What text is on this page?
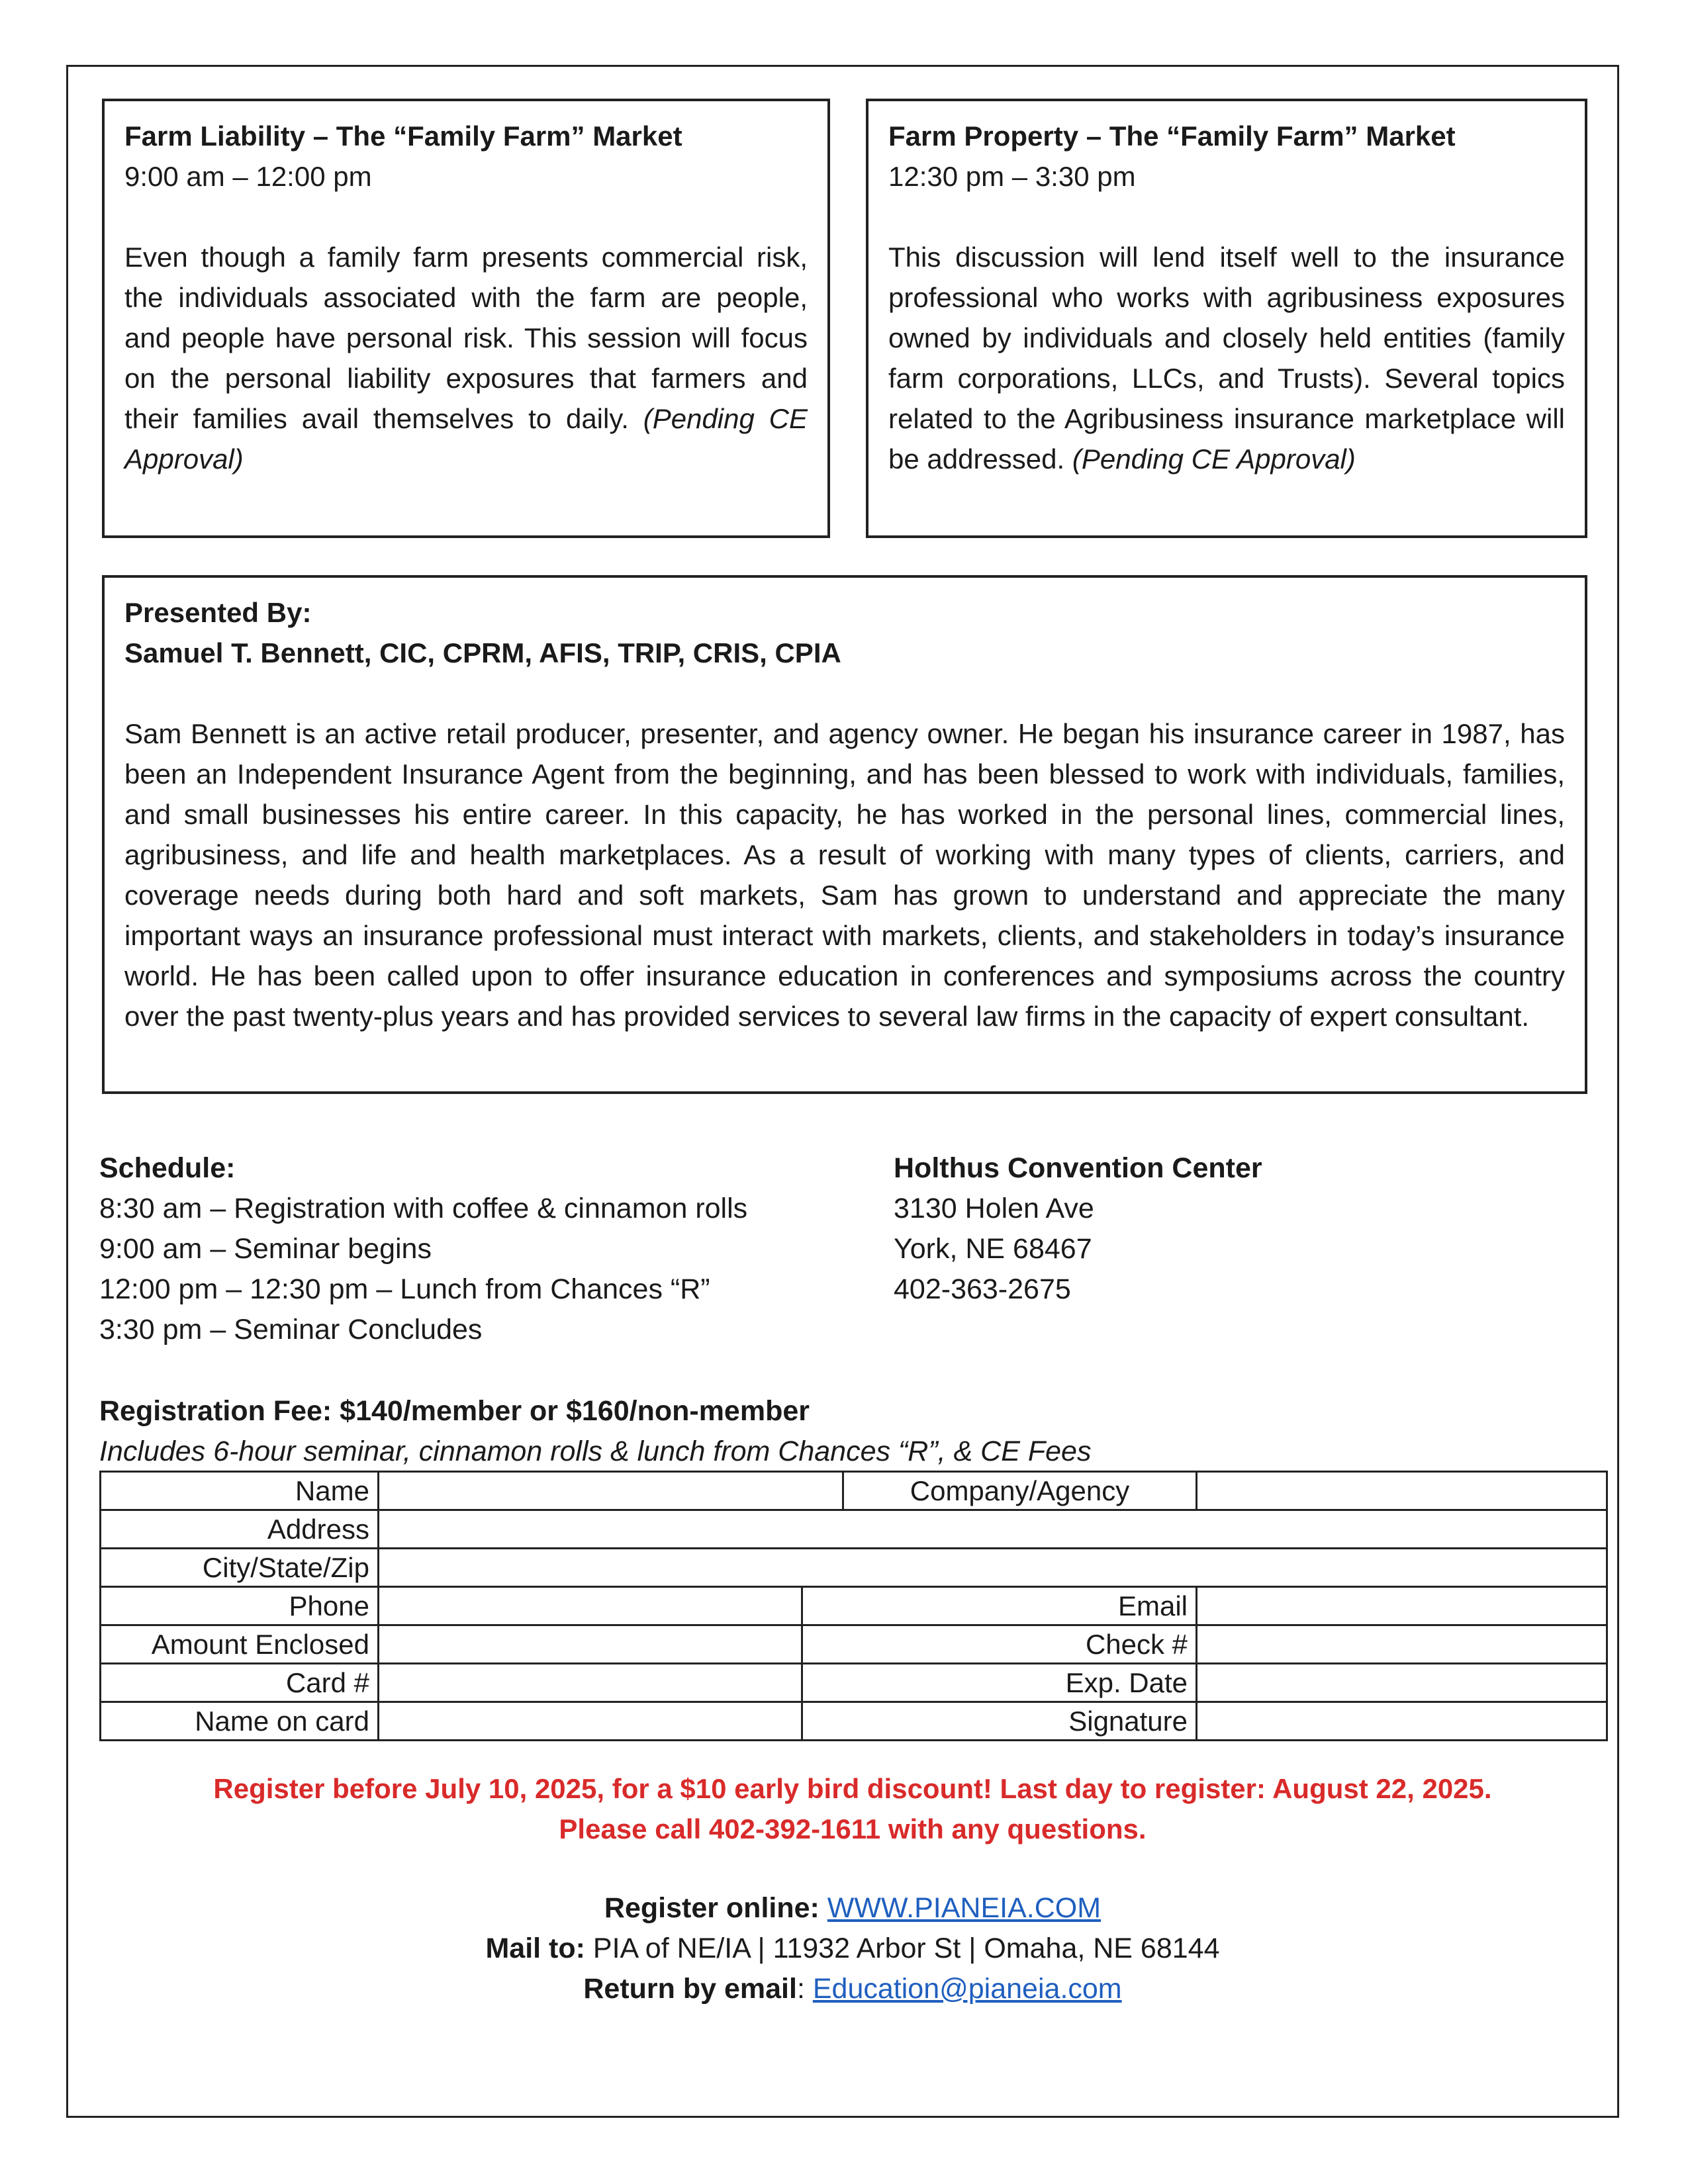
Farm Liability – The “Family Farm” Market
9:00 am – 12:00 pm

Even though a family farm presents commercial risk, the individuals associated with the farm are people, and people have personal risk. This session will focus on the personal liability exposures that farmers and their families avail themselves to daily. (Pending CE Approval)

Farm Property – The “Family Farm” Market
12:30 pm – 3:30 pm

This discussion will lend itself well to the insurance professional who works with agribusiness exposures owned by individuals and closely held entities (family farm corporations, LLCs, and Trusts). Several topics related to the Agribusiness insurance marketplace will be addressed. (Pending CE Approval)

Presented By:
Samuel T. Bennett, CIC, CPRM, AFIS, TRIP, CRIS, CPIA

Sam Bennett is an active retail producer, presenter, and agency owner. He began his insurance career in 1987, has been an Independent Insurance Agent from the beginning, and has been blessed to work with individuals, families, and small businesses his entire career. In this capacity, he has worked in the personal lines, commercial lines, agribusiness, and life and health marketplaces. As a result of working with many types of clients, carriers, and coverage needs during both hard and soft markets, Sam has grown to understand and appreciate the many important ways an insurance professional must interact with markets, clients, and stakeholders in today’s insurance world. He has been called upon to offer insurance education in conferences and symposiums across the country over the past twenty-plus years and has provided services to several law firms in the capacity of expert consultant.

Schedule:
8:30 am – Registration with coffee & cinnamon rolls
9:00 am – Seminar begins
12:00 pm – 12:30 pm – Lunch from Chances “R”
3:30 pm – Seminar Concludes
Holthus Convention Center
3130 Holen Ave
York, NE 68467
402-363-2675
Registration Fee: $140/member or $160/non-member
Includes 6-hour seminar, cinnamon rolls & lunch from Chances “R”, & CE Fees
Name			Company/Agency	
Address				
City/State/Zip				
Phone		Email		
Amount Enclosed		Check #		
Card #		Exp. Date		
Name on card		Signature		
Register before July 10, 2025, for a $10 early bird discount! Last day to register: August 22, 2025.
Please call 402-392-1611 with any questions.
Register online: WWW.PIANEIA.COM
Mail to: PIA of NE/IA | 11932 Arbor St | Omaha, NE 68144
Return by email: Education@pianeia.com
